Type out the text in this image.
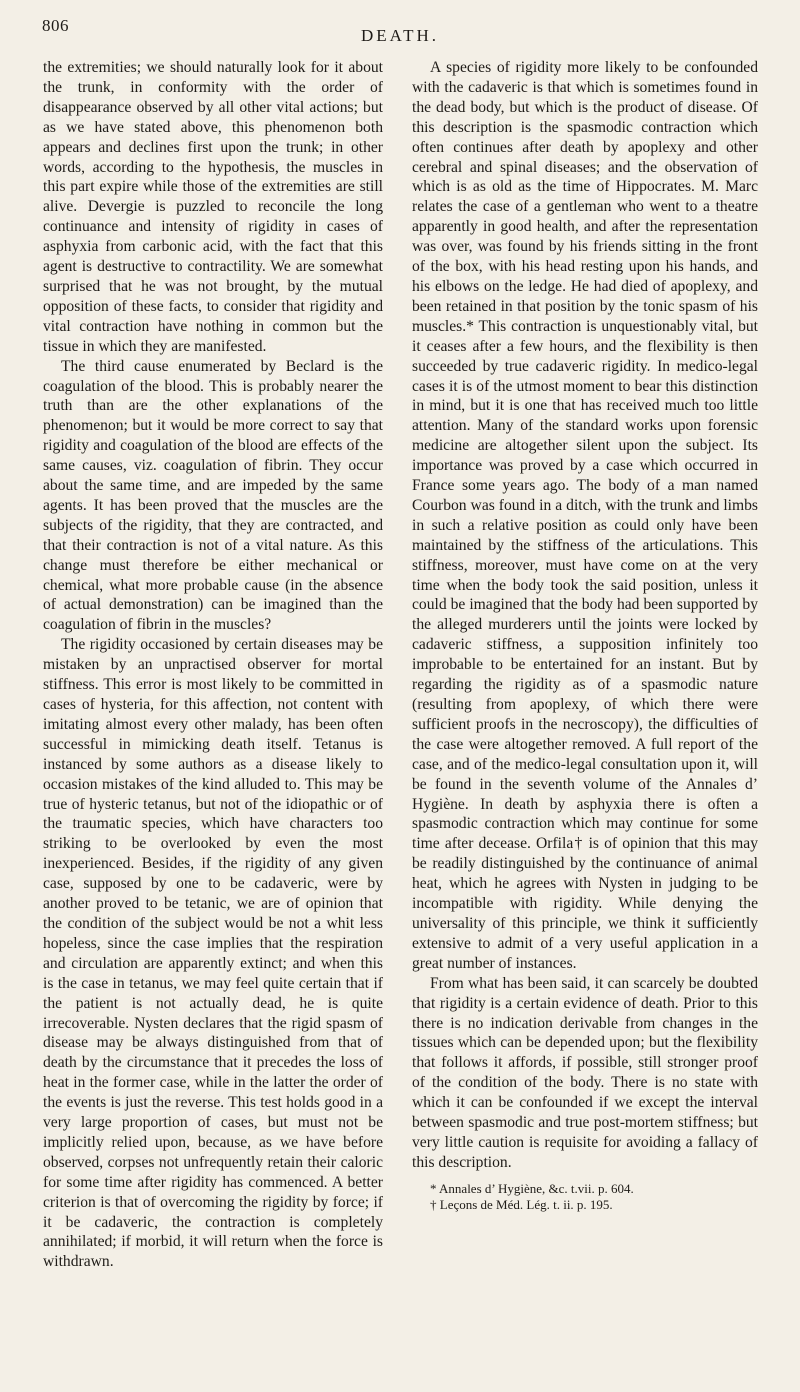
806
DEATH.

the extremities; we should naturally look for it about the trunk, in conformity with the order of disappearance observed by all other vital actions; but as we have stated above, this phenomenon both appears and declines first upon the trunk; in other words, according to the hypothesis, the muscles in this part expire while those of the extremities are still alive. Devergie is puzzled to reconcile the long continuance and intensity of rigidity in cases of asphyxia from carbonic acid, with the fact that this agent is destructive to contractility. We are somewhat surprised that he was not brought, by the mutual opposition of these facts, to consider that rigidity and vital contraction have nothing in common but the tissue in which they are manifested.

The third cause enumerated by Beclard is the coagulation of the blood. This is probably nearer the truth than are the other explanations of the phenomenon; but it would be more correct to say that rigidity and coagulation of the blood are effects of the same causes, viz. coagulation of fibrin. They occur about the same time, and are impeded by the same agents. It has been proved that the muscles are the subjects of the rigidity, that they are contracted, and that their contraction is not of a vital nature. As this change must therefore be either mechanical or chemical, what more probable cause (in the absence of actual demonstration) can be imagined than the coagulation of fibrin in the muscles?

The rigidity occasioned by certain diseases may be mistaken by an unpractised observer for mortal stiffness. This error is most likely to be committed in cases of hysteria, for this affection, not content with imitating almost every other malady, has been often successful in mimicking death itself. Tetanus is instanced by some authors as a disease likely to occasion mistakes of the kind alluded to. This may be true of hysteric tetanus, but not of the idiopathic or of the traumatic species, which have characters too striking to be overlooked by even the most inexperienced. Besides, if the rigidity of any given case, supposed by one to be cadaveric, were by another proved to be tetanic, we are of opinion that the condition of the subject would be not a whit less hopeless, since the case implies that the respiration and circulation are apparently extinct; and when this is the case in tetanus, we may feel quite certain that if the patient is not actually dead, he is quite irrecoverable. Nysten declares that the rigid spasm of disease may be always distinguished from that of death by the circumstance that it precedes the loss of heat in the former case, while in the latter the order of the events is just the reverse. This test holds good in a very large proportion of cases, but must not be implicitly relied upon, because, as we have before observed, corpses not unfrequently retain their caloric for some time after rigidity has commenced. A better criterion is that of overcoming the rigidity by force; if it be cadaveric, the contraction is completely annihilated; if morbid, it will return when the force is withdrawn.

A species of rigidity more likely to be confounded with the cadaveric is that which is sometimes found in the dead body, but which is the product of disease. Of this description is the spasmodic contraction which often continues after death by apoplexy and other cerebral and spinal diseases; and the observation of which is as old as the time of Hippocrates. M. Marc relates the case of a gentleman who went to a theatre apparently in good health, and after the representation was over, was found by his friends sitting in the front of the box, with his head resting upon his hands, and his elbows on the ledge. He had died of apoplexy, and been retained in that position by the tonic spasm of his muscles.* This contraction is unquestionably vital, but it ceases after a few hours, and the flexibility is then succeeded by true cadaveric rigidity. In medico-legal cases it is of the utmost moment to bear this distinction in mind, but it is one that has received much too little attention. Many of the standard works upon forensic medicine are altogether silent upon the subject. Its importance was proved by a case which occurred in France some years ago. The body of a man named Courbon was found in a ditch, with the trunk and limbs in such a relative position as could only have been maintained by the stiffness of the articulations. This stiffness, moreover, must have come on at the very time when the body took the said position, unless it could be imagined that the body had been supported by the alleged murderers until the joints were locked by cadaveric stiffness, a supposition infinitely too improbable to be entertained for an instant. But by regarding the rigidity as of a spasmodic nature (resulting from apoplexy, of which there were sufficient proofs in the necroscopy), the difficulties of the case were altogether removed. A full report of the case, and of the medico-legal consultation upon it, will be found in the seventh volume of the Annales d’ Hygiène. In death by asphyxia there is often a spasmodic contraction which may continue for some time after decease. Orfila† is of opinion that this may be readily distinguished by the continuance of animal heat, which he agrees with Nysten in judging to be incompatible with rigidity. While denying the universality of this principle, we think it sufficiently extensive to admit of a very useful application in a great number of instances.

From what has been said, it can scarcely be doubted that rigidity is a certain evidence of death. Prior to this there is no indication derivable from changes in the tissues which can be depended upon; but the flexibility that follows it affords, if possible, still stronger proof of the condition of the body. There is no state with which it can be confounded if we except the interval between spasmodic and true post-mortem stiffness; but very little caution is requisite for avoiding a fallacy of this description.

* Annales d’ Hygiène, &c. t.vii. p. 604.
† Leçons de Méd. Lég. t. ii. p. 195.
